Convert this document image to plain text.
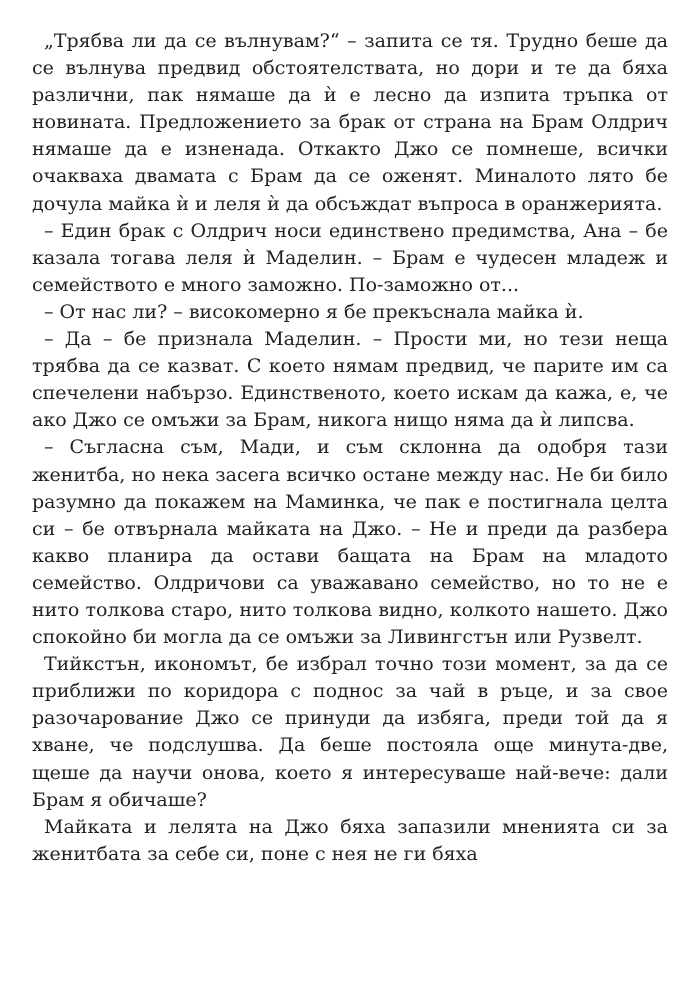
„Трябва ли да се вълнувам?“ – запита се тя. Трудно беше да се вълнува предвид обстоятелствата, но дори и те да бяха различни, пак нямаше да ѝ е лесно да изпита тръпка от новината. Предложението за брак от страна на Брам Олдрич нямаше да е изненада. Откакто Джо се помнеше, всички очакваха двамата с Брам да се оженят. Миналото лято бе дочула майка ѝ и леля ѝ да обсъждат въпроса в оранжерията.

– Един брак с Олдрич носи единствено предимства, Ана – бе казала тогава леля ѝ Маделин. – Брам е чудесен младеж и семейството е много заможно. По-заможно от...

– От нас ли? – високомерно я бе прекъснала майка ѝ.

– Да – бе признала Маделин. – Прости ми, но тези неща трябва да се казват. С което нямам предвид, че парите им са спечелени набързо. Единственото, което искам да кажа, е, че ако Джо се омъжи за Брам, никога нищо няма да ѝ липсва.

– Съгласна съм, Мади, и съм склонна да одобря тази женитба, но нека засега всичко остане между нас. Не би било разумно да покажем на Маминка, че пак е постигнала целта си – бе отвърнала майката на Джо. – Не и преди да разбера какво планира да остави бащата на Брам на младото семейство. Олдричови са уважавано семейство, но то не е нито толкова старо, нито толкова видно, колкото нашето. Джо спокойно би могла да се омъжи за Ливингстън или Рузвелт.

Тийкстън, икономът, бе избрал точно този момент, за да се приближи по коридора с поднос за чай в ръце, и за свое разочарование Джо се принуди да избяга, преди той да я хване, че подслушва. Да беше постояла още минута-две, щеше да научи онова, което я интересуваше най-вече: дали Брам я обичаше?

Майката и лелята на Джо бяха запазили мненията си за женитбата за себе си, поне с нея не ги бяха
